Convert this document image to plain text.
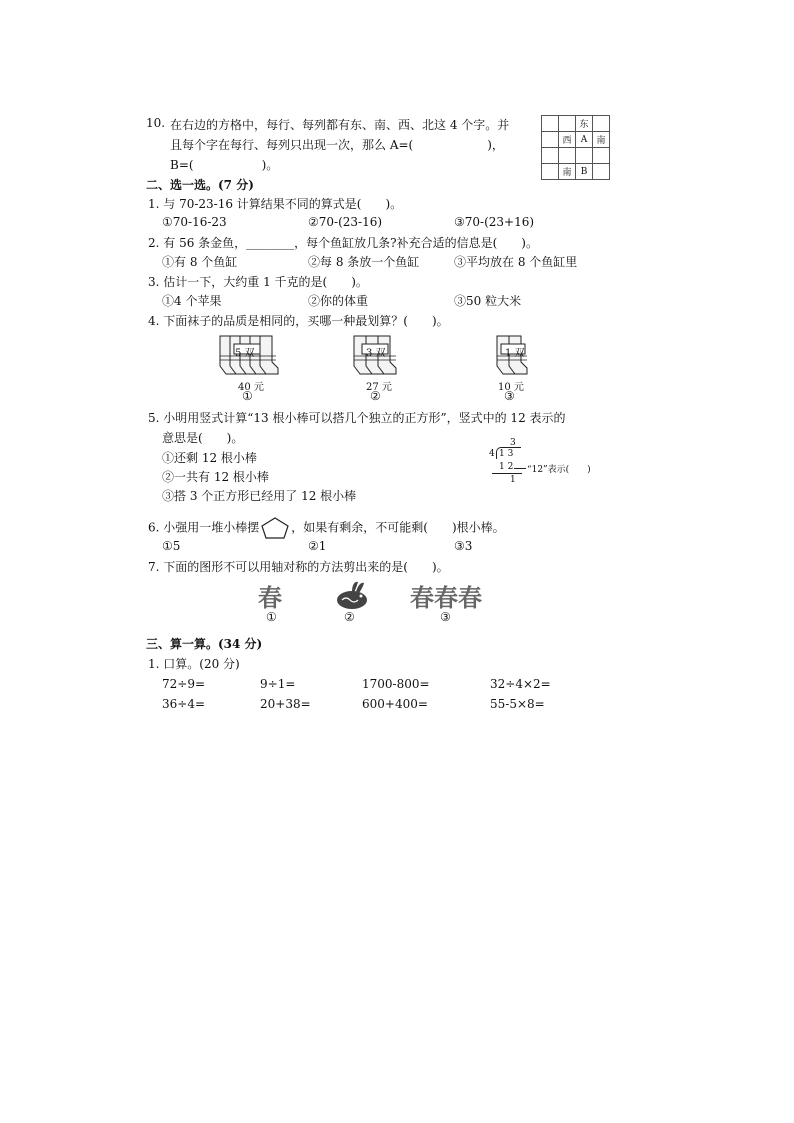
10. 在右边的方格中，每行、每列都有东、南、西、北这 4 个字。并
且每个字在每行、每列只出现一次，那么 A=(	)，
B=(	)。
		东	
	西	A	南

	南	B	
二、选一选。(7 分)
1. 与 70-23-16 计算结果不同的算式是(　　)。
①70-16-23	②70-(23-16)	③70-(23+16)
2. 有 56 条金鱼，________，每个鱼缸放几条?补充合适的信息是(　　)。
①有 8 个鱼缸	②每 8 条放一个鱼缸	③平均放在 8 个鱼缸里
3. 估计一下，大约重 1 千克的是(　　)。
①4 个苹果	②你的体重	③50 粒大米
4. 下面袜子的品质是相同的，买哪一种最划算？(　　)。
5 双
40 元
①
3 双
27 元
②
1 双
10 元
③
5. 小明用竖式计算“13 根小棒可以搭几个独立的正方形”，竖式中的 12 表示的
意思是(　　)。
①还剩 12 根小棒
②一共有 12 根小棒
③搭 3 个正方形已经用了 12 根小棒
3
4 1 3
1 2 “12”表示(　　)
1
6. 小强用一堆小棒摆	，如果有剩余，不可能剩(　　)根小棒。
①5	②1	③3
7. 下面的图形不可以用轴对称的方法剪出来的是(　　)。
春	春春春
①	②	③
三、算一算。(34 分)
1. 口算。(20 分)
72÷9=	9÷1=	1700-800=	32÷4×2=
36÷4=	20+38=	600+400=	55-5×8=
